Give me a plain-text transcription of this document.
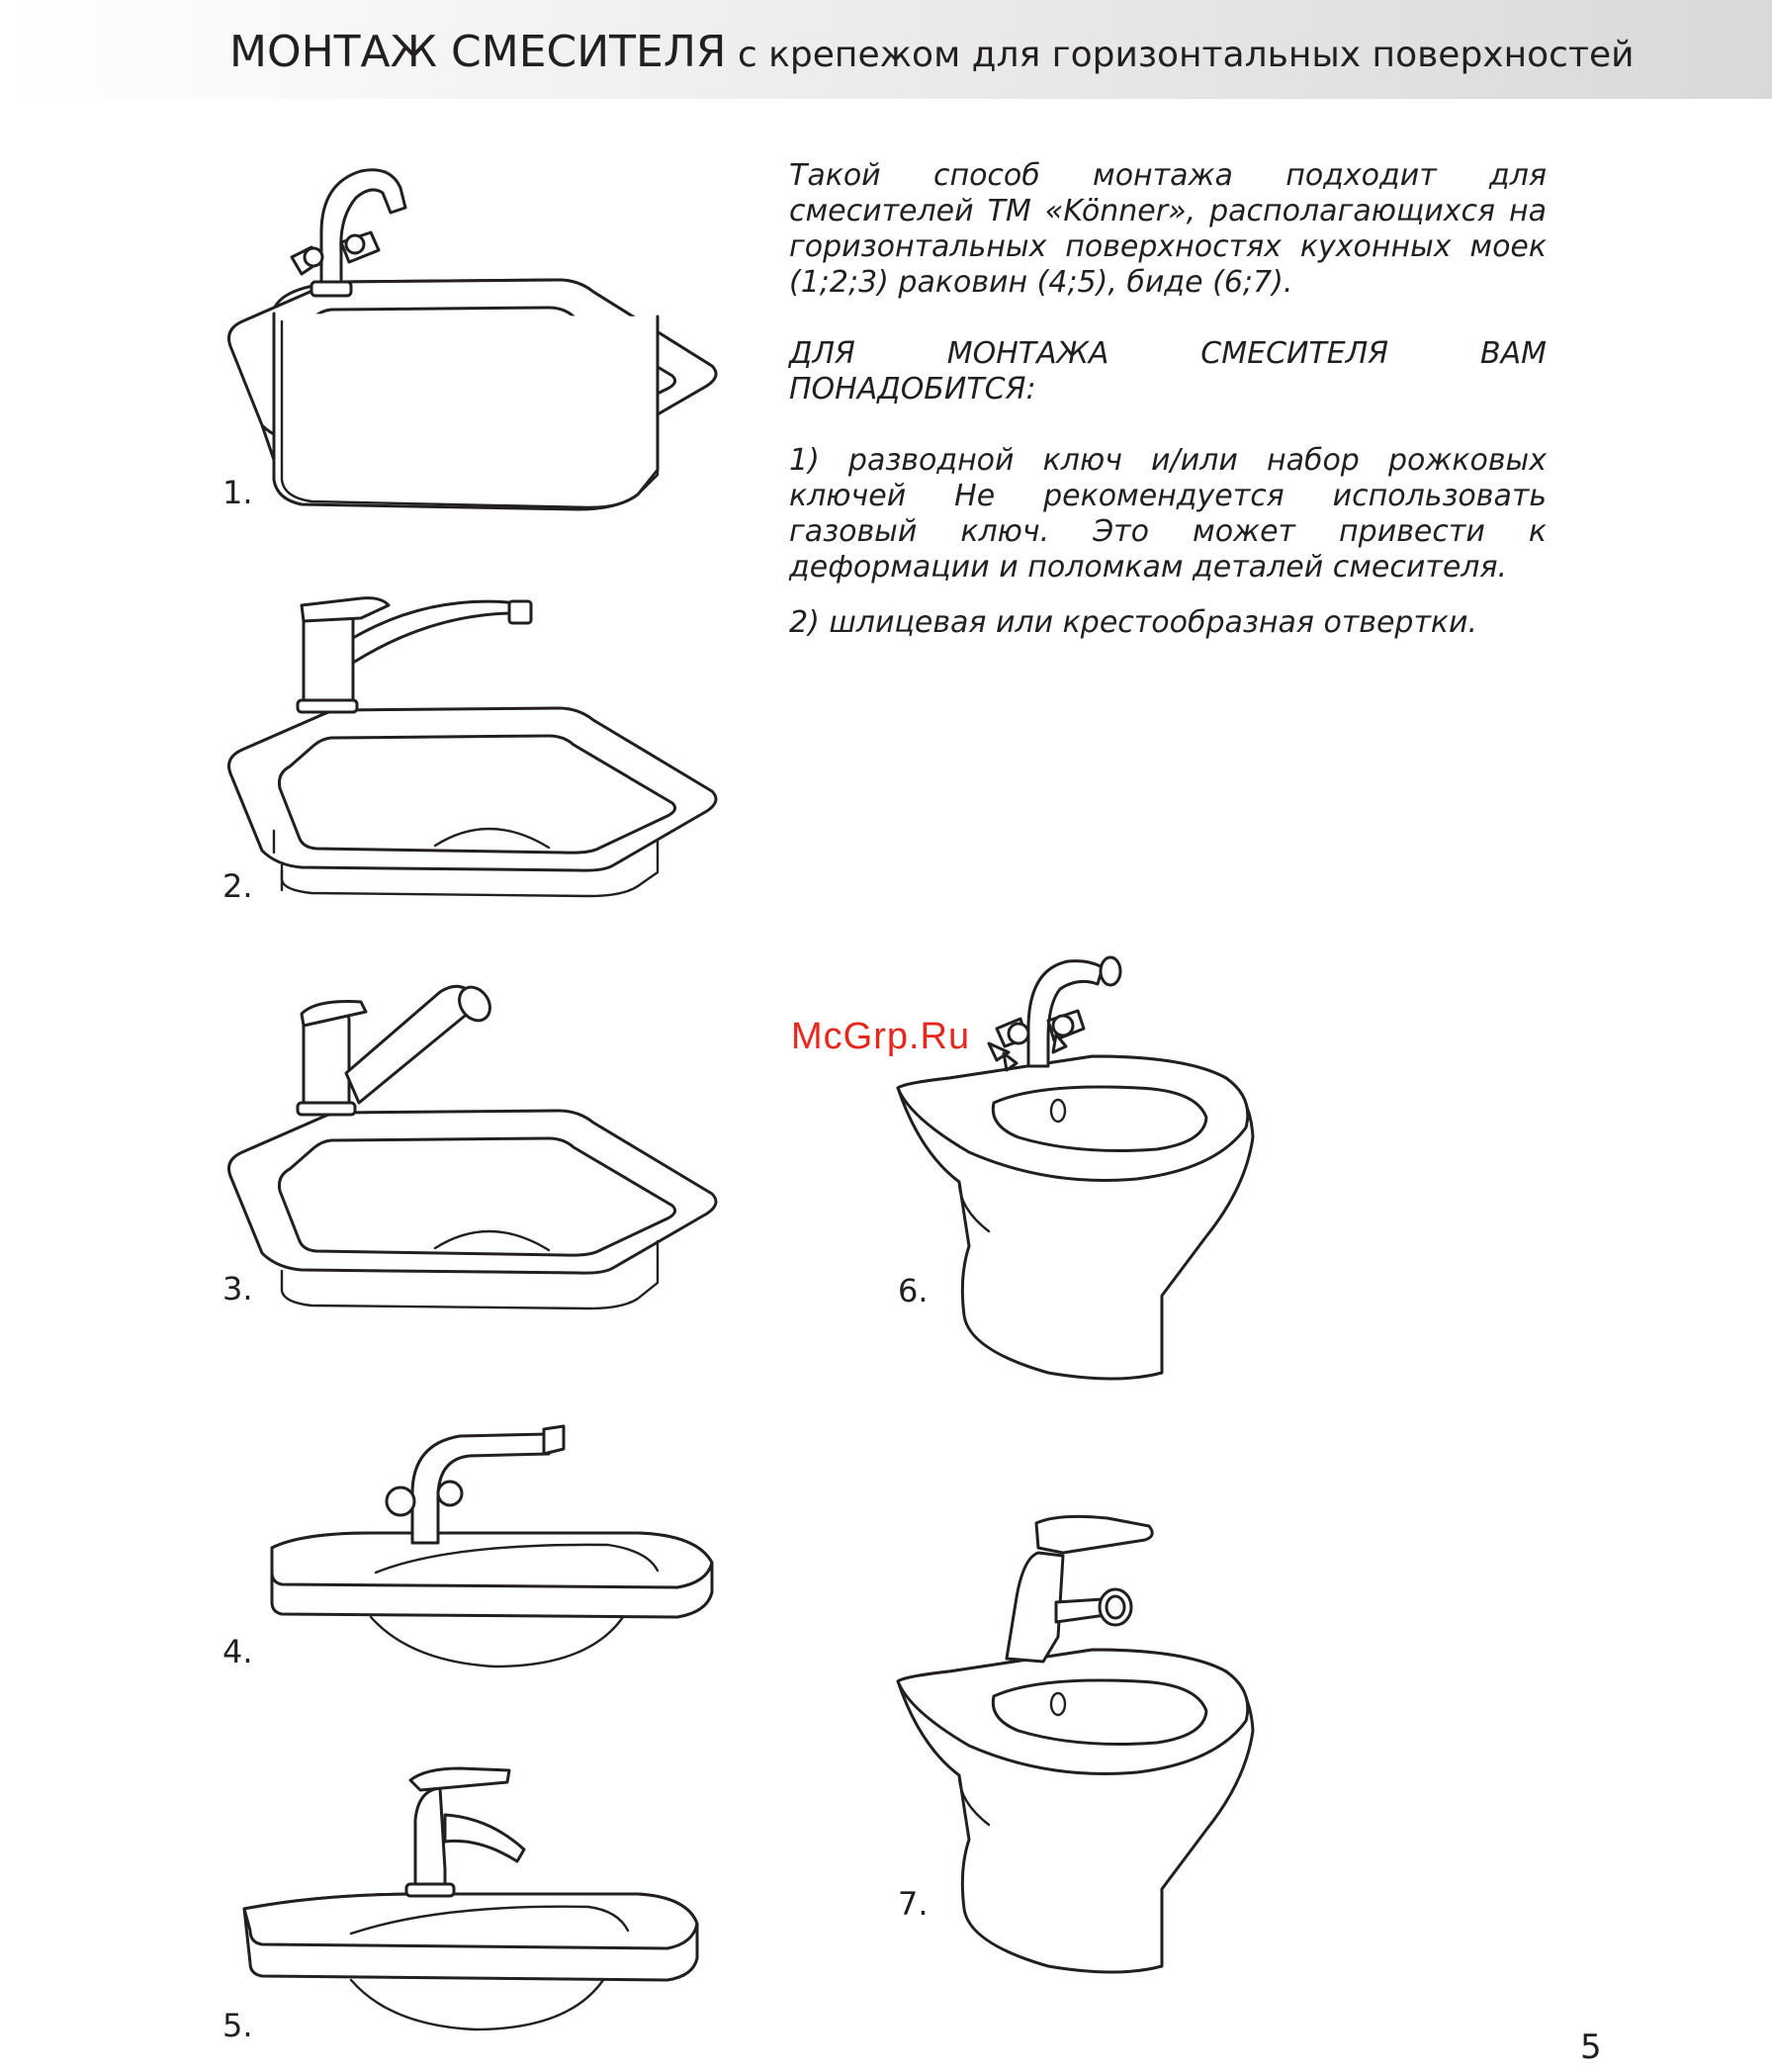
МОНТАЖ СМЕСИТЕЛЯ с крепежом для горизонтальных поверхностей

Такой способ монтажа подходит для смесителей ТМ «Könner», располагающихся на горизонтальных поверхностях кухонных моек (1;2;3) раковин (4;5), биде (6;7).

ДЛЯ МОНТАЖА СМЕСИТЕЛЯ ВАМ ПОНАДОБИТСЯ:

1) разводной ключ и/или набор рожковых ключей Не рекомендуется использовать газовый ключ. Это может привести к деформации и поломкам деталей смесителя.

2) шлицевая или крестообразная отвертки.

1.
2.
3.
4.
5.
6.
7.
McGrp.Ru
5
